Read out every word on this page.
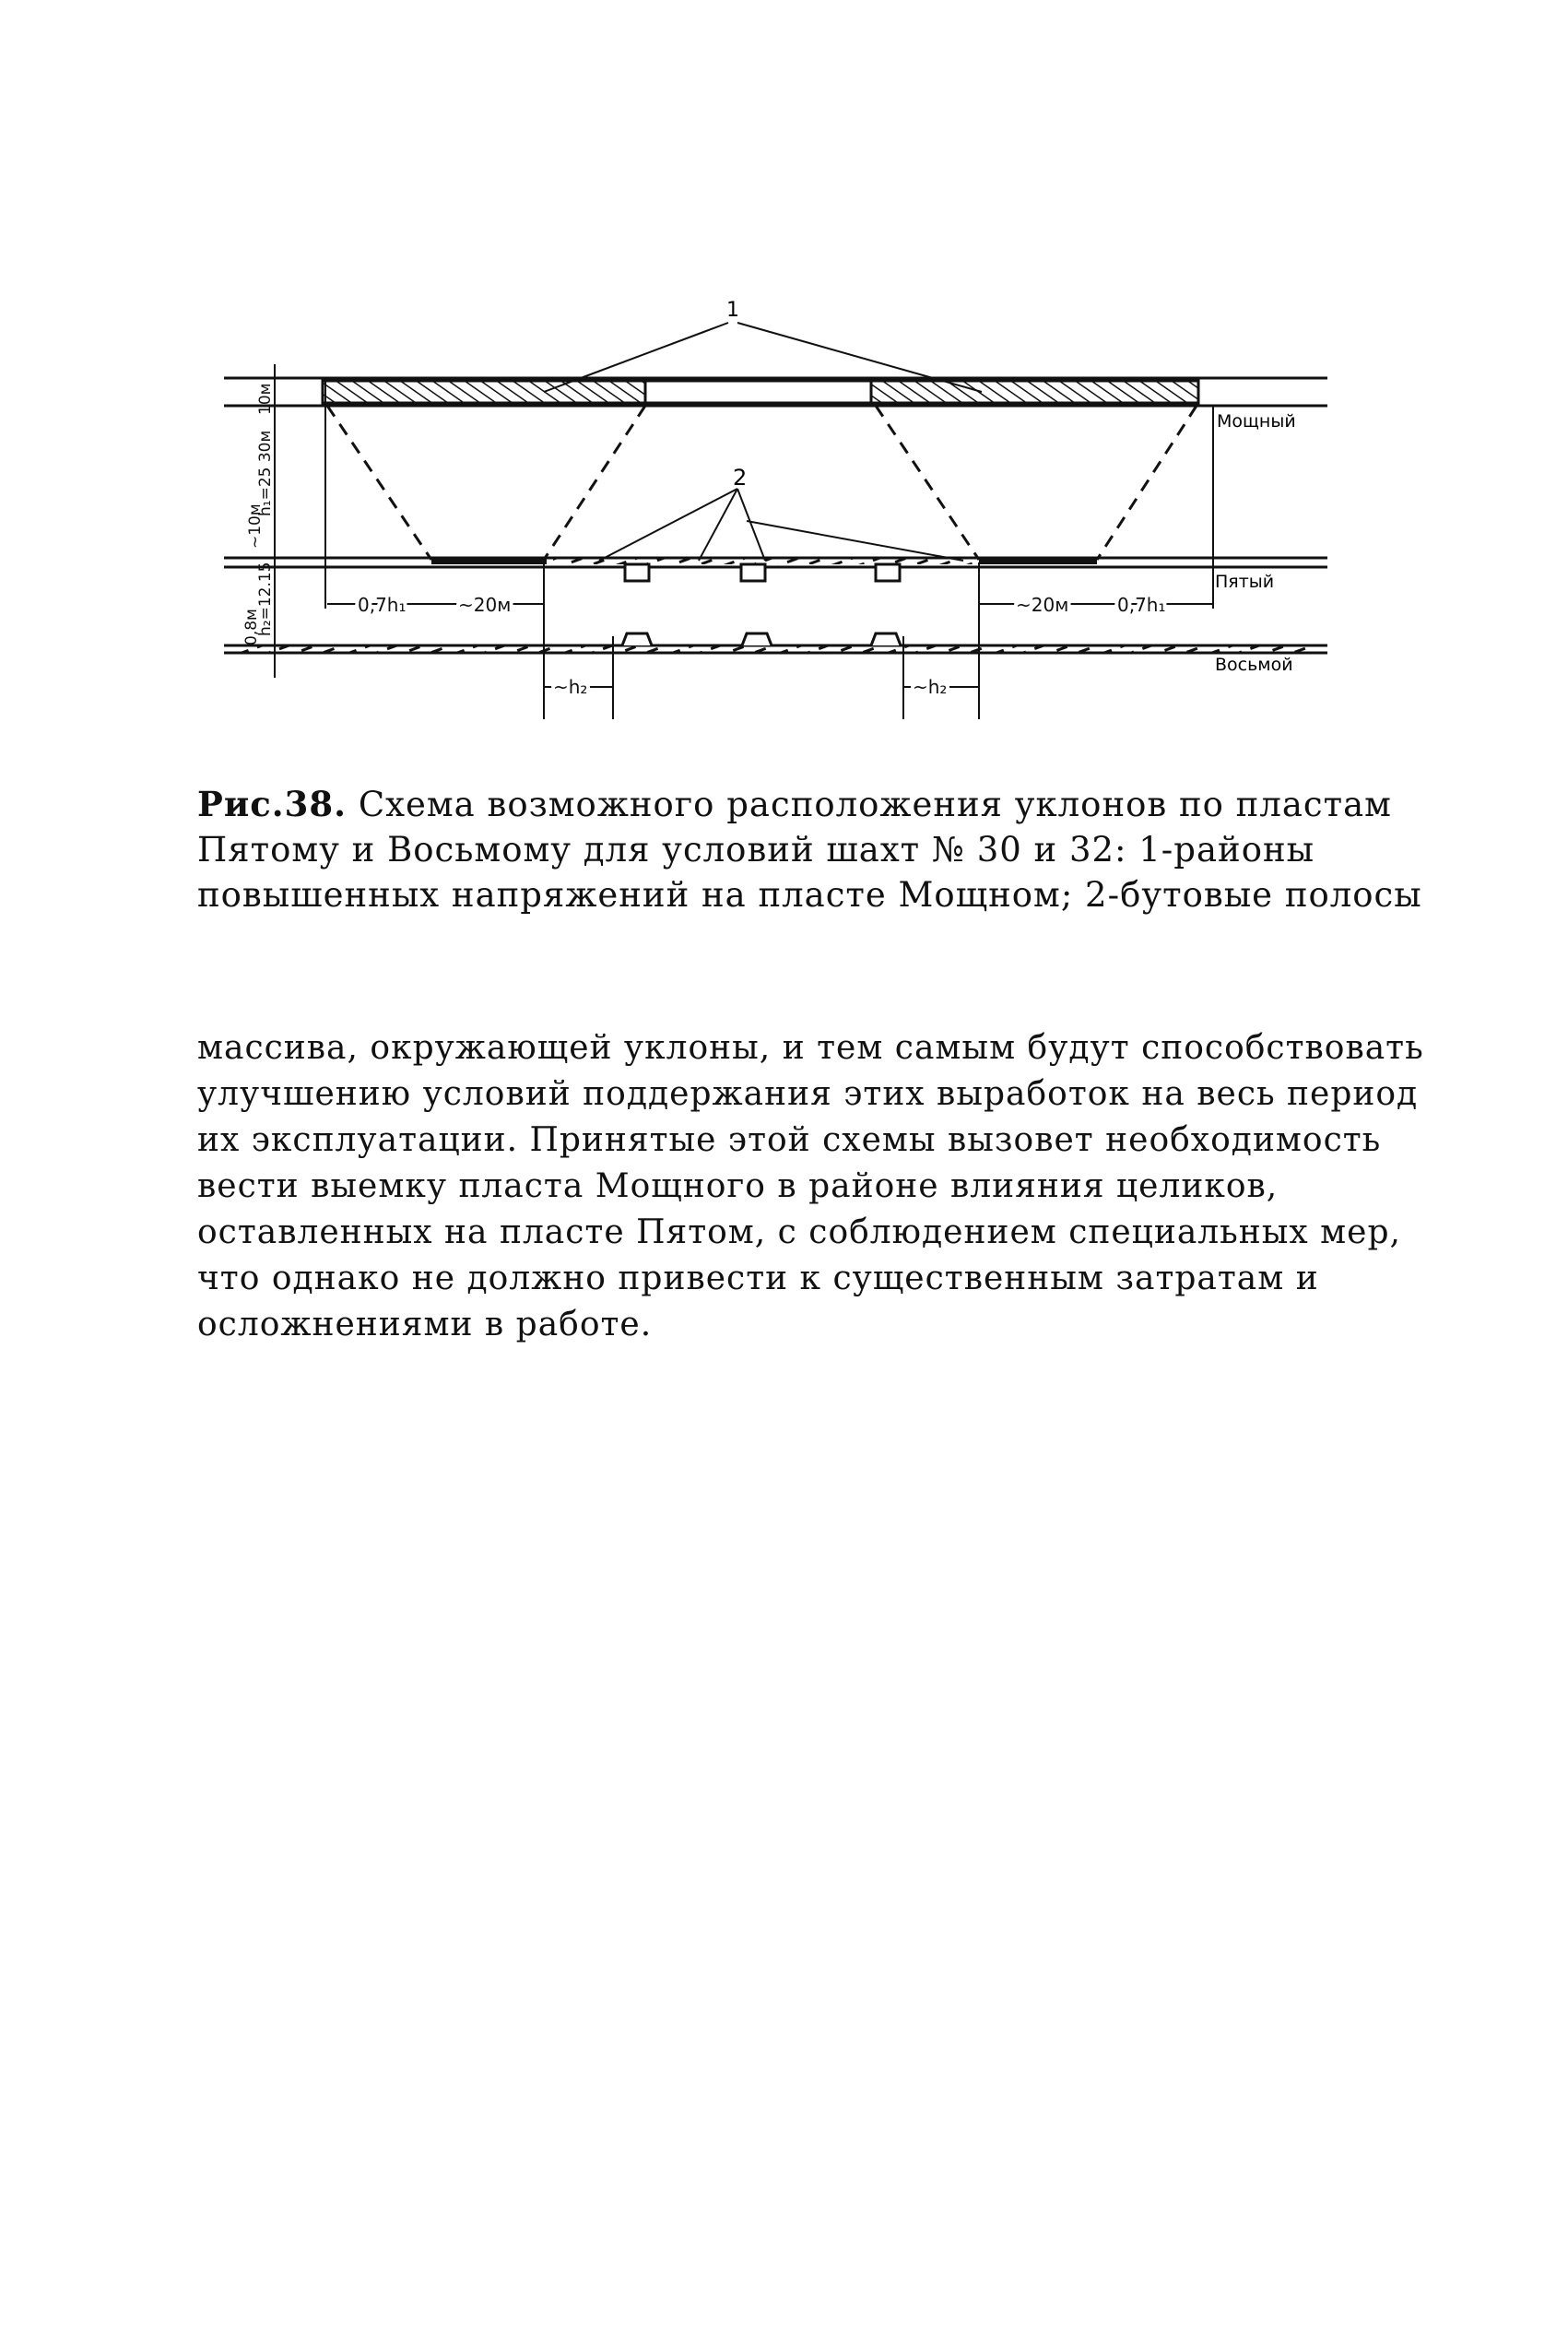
1
2
Мощный
Пятый
Восьмой
10м
h₁=25 30м
~10м
h₂=12.15
0,8м
0,7h₁	~20м	~20м	0,7h₁
~h₂	~h₂
Рис.38. Схема возможного расположения уклонов по пластам Пятому и Восьмому для условий шахт № 30 и 32: 1-районы повышенных напряжений на пласте Мощном; 2-бутовые полосы

массива, окружающей уклоны, и тем самым будут способствовать улучшению условий поддержания этих выработок на весь период их эксплуатации. Принятые этой схемы вызовет необходимость вести выемку пласта Мощного в районе влияния целиков, оставленных на пласте Пятом, с соблюдением специальных мер, что однако не должно привести к существенным затратам и осложнениями в работе.
